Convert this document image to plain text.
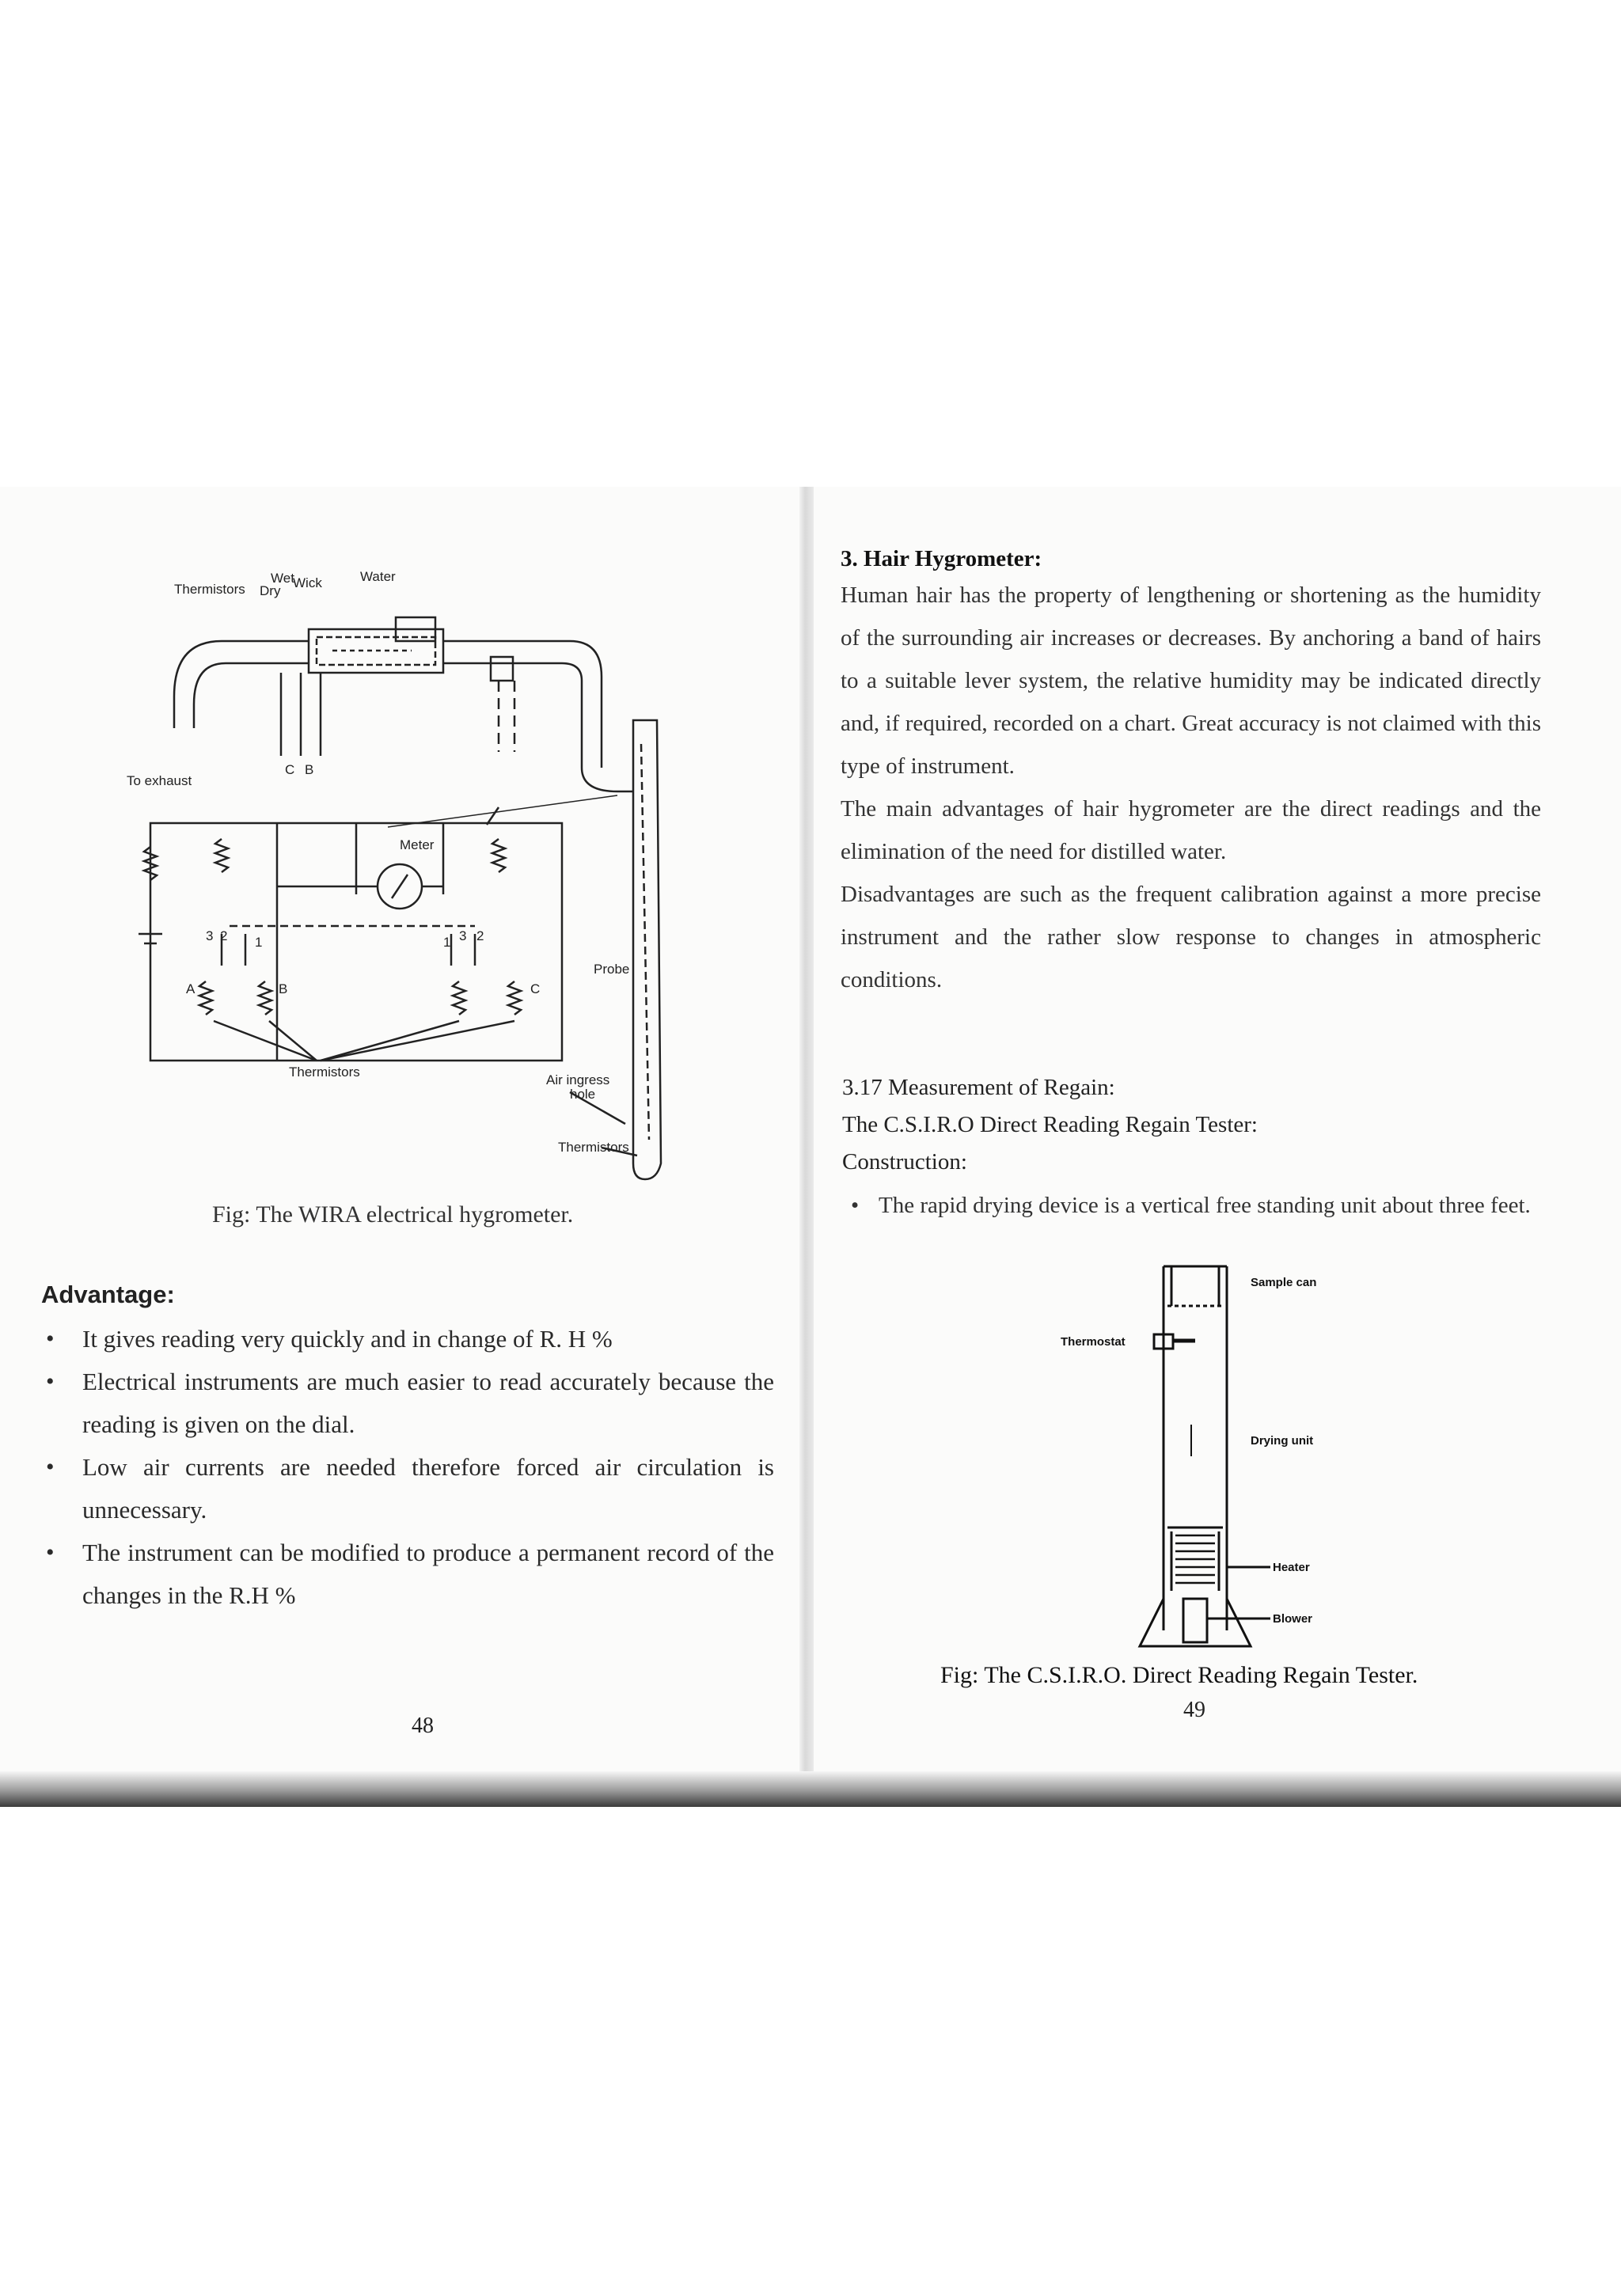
Thermistors
Wet
Dry
Wick	Water
To exhaust
C B
Meter
3 2 1	3 2
1
A	B	C
Probe
Thermistors
Air ingress
hole
Thermistors
Fig: The WIRA electrical hygrometer.
Advantage:
• It gives reading very quickly and in change of R. H %
• Electrical instruments are much easier to read accurately because the reading is given on the dial.
• Low air currents are needed therefore forced air circulation is unnecessary.
• The instrument can be modified to produce a permanent record of the changes in the R.H %
48
3. Hair Hygrometer:

Human hair has the property of lengthening or shortening as the humidity of the surrounding air increases or decreases. By anchoring a band of hairs to a suitable lever system, the relative humidity may be indicated directly and, if required, recorded on a chart. Great accuracy is not claimed with this type of instrument.

The main advantages of hair hygrometer are the direct readings and the elimination of the need for distilled water.

Disadvantages are such as the frequent calibration against a more precise instrument and the rather slow response to changes in atmospheric conditions.

3.17 Measurement of Regain:
The C.S.I.R.O Direct Reading Regain Tester:
Construction:
• The rapid drying device is a vertical free standing unit about three feet.
Sample can
Thermostat
Drying unit
Heater
Blower
Fig: The C.S.I.R.O. Direct Reading Regain Tester.
49
